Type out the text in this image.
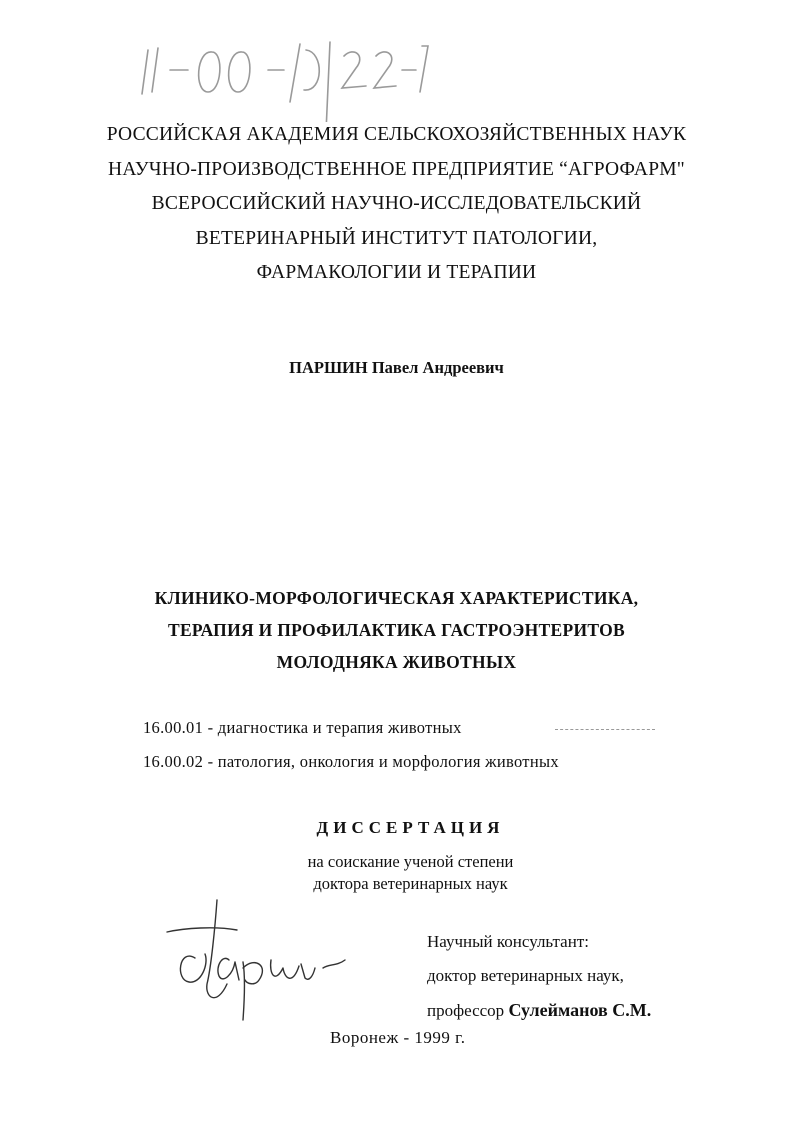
РОССИЙСКАЯ АКАДЕМИЯ СЕЛЬСКОХОЗЯЙСТВЕННЫХ НАУК
НАУЧНО-ПРОИЗВОДСТВЕННОЕ ПРЕДПРИЯТИЕ “АГРОФАРМ"
ВСЕРОССИЙСКИЙ НАУЧНО-ИССЛЕДОВАТЕЛЬСКИЙ
ВЕТЕРИНАРНЫЙ ИНСТИТУТ ПАТОЛОГИИ,
ФАРМАКОЛОГИИ И ТЕРАПИИ
ПАРШИН Павел Андреевич
КЛИНИКО-МОРФОЛОГИЧЕСКАЯ ХАРАКТЕРИСТИКА,
ТЕРАПИЯ И ПРОФИЛАКТИКА ГАСТРОЭНТЕРИТОВ
МОЛОДНЯКА ЖИВОТНЫХ
16.00.01 - диагностика и терапия животных
16.00.02 - патология, онкология и морфология животных
ДИССЕРТАЦИЯ
на соискание ученой степени
доктора ветеринарных наук
Научный консультант:
доктор ветеринарных наук,
профессор Сулейманов С.М.
Воронеж - 1999 г.
